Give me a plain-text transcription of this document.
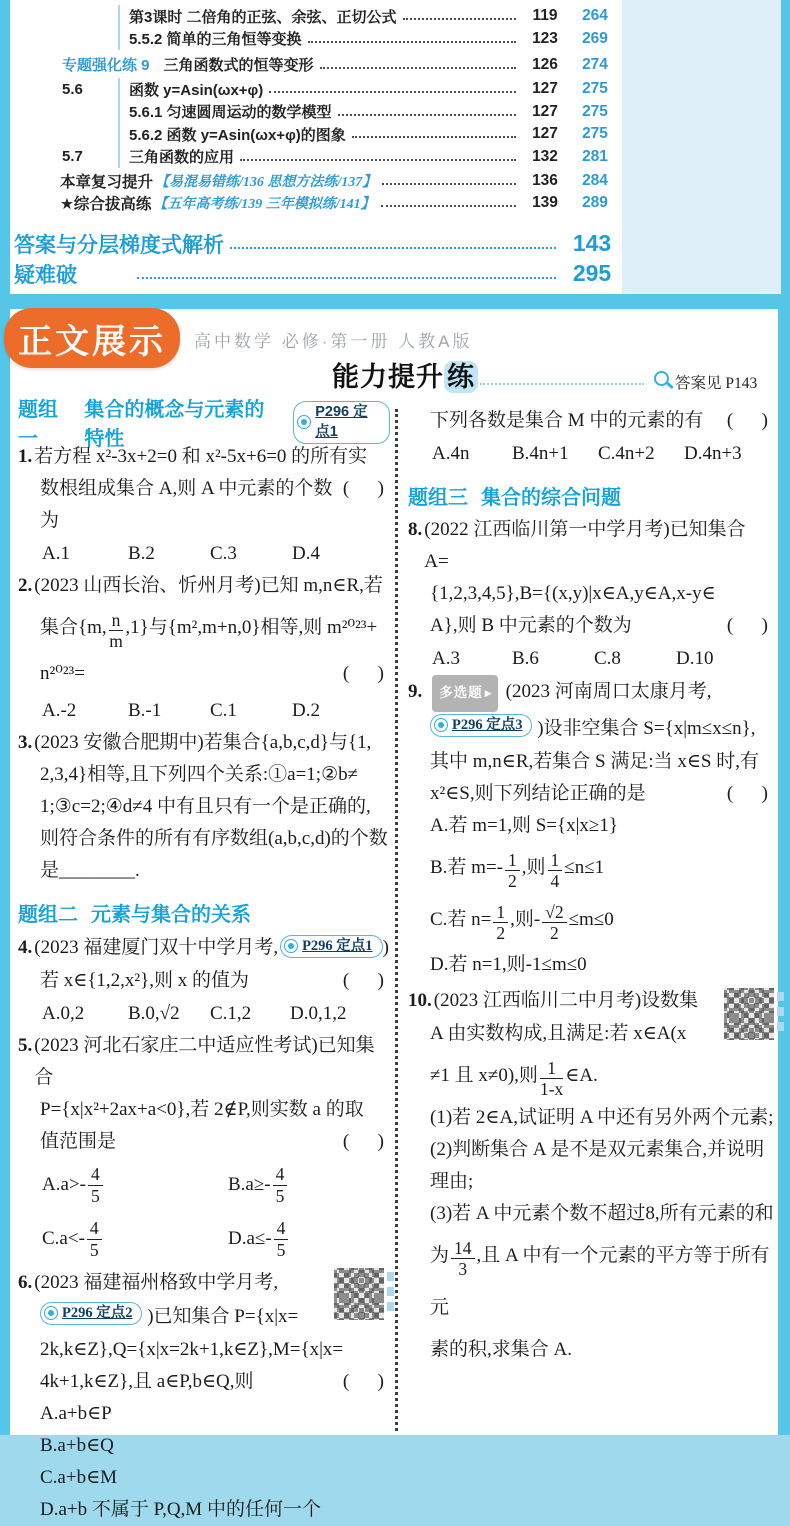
第3课时 二倍角的正弦、余弦、正切公式	119	264
5.5.2 简单的三角恒等变换	123	269
专题强化练 9 三角函数式的恒等变形	126	274
5.6	函数 y=Asin(ωx+φ)	127	275
5.6.1 匀速圆周运动的数学模型	127	275
5.6.2 函数 y=Asin(ωx+φ)的图象	127	275
5.7	三角函数的应用	132	281
本章复习提升 【易混易错练/136 思想方法练/137】	136	284
★综合拔高练 【五年高考练/139 三年模拟练/141】	139	289
答案与分层梯度式解析	143
疑难破	295
正文展示 高中数学 必修·第一册 人教A版
能力提升 练	答案见 P143
题组一
集合的概念与元素的特性
P296 定点1
1. 若方程 x²-3x+2=0 和 x²-5x+6=0 的所有实
数根组成集合 A,则 A 中元素的个数为
(      )
A.1	B.2	C.3	D.4
2. (2023 山西长治、忻州月考)已知 m,n∈R,若
集合{m, $\frac{n}{m} ,1$}与{m²,m+n,0}相等,则 m²⁰²³+
n²⁰²³=	(      )
A.-2	B.-1	C.1	D.2
3. (2023 安徽合肥期中)若集合{a,b,c,d}与{1,
2,3,4}相等,且下列四个关系:①a=1;②b≠
1;③c=2;④d≠4 中有且只有一个是正确的,
则符合条件的所有有序数组(a,b,c,d)的个数
是________.
题组二 元素与集合的关系
4. (2023 福建厦门双十中学月考, P296 定点1 )
若 x∈{1,2,x²},则 x 的值为	(      )
A.0,2	B.0,√2	C.1,2	D.0,1,2
5. (2023 河北石家庄二中适应性考试)已知集合
P={x|x²+2ax+a<0},若 2∉P,则实数 a 的取
值范围是	(      )
A.a>- 4
5
B.a≥- 4
5
C.a<- 4
5
D.a≤- 4
5
6. (2023 福建福州格致中学月考,
P296 定点2 )已知集合 P={x|x=
2k,k∈Z},Q={x|x=2k+1,k∈Z},M={x|x=
4k+1,k∈Z},且 a∈P,b∈Q,则	(      )
A.a+b∈P
B.a+b∈Q
C.a+b∈M
D.a+b 不属于 P,Q,M 中的任何一个
下列各数是集合 M 中的元素的有 (      )
A.4n	B.4n+1	C.4n+2	D.4n+3
题组三 集合的综合问题
8. (2022 江西临川第一中学月考)已知集合 A=
{1,2,3,4,5},B={(x,y)|x∈A,y∈A,x-y∈
A},则 B 中元素的个数为	(      )
A.3	B.6	C.8	D.10
9. 多选题 ▶ (2023 河南周口太康月考,
P296 定点3 )设非空集合 S={x|m≤x≤n},
其中 m,n∈R,若集合 S 满足:当 x∈S 时,有
x²∈S,则下列结论正确的是	(      )
A.若 m=1,则 S={x|x≥1}
B.若 $m=- \frac{1}{2}$ ,则 $\frac{1}{4} \le n\le 1$
C.若 $n= \frac{1}{2}$ ,则- $\frac{√2}{2} \le m\le 0$
D.若 n=1,则-1≤m≤0
10. (2023 江西临川二中月考)设数集
A 由实数构成,且满足:若 x∈A(x
≠1 且 x≠0),则 $\frac{1}{1-x}$ ∈A.
(1)若 2∈A,试证明 A 中还有另外两个元素;
(2)判断集合 A 是不是双元素集合,并说明
理由;
(3)若 A 中元素个数不超过8,所有元素的和
为 $\frac{14}{3}$ ,且 A 中有一个元素的平方等于所有元
素的积,求集合 A.
